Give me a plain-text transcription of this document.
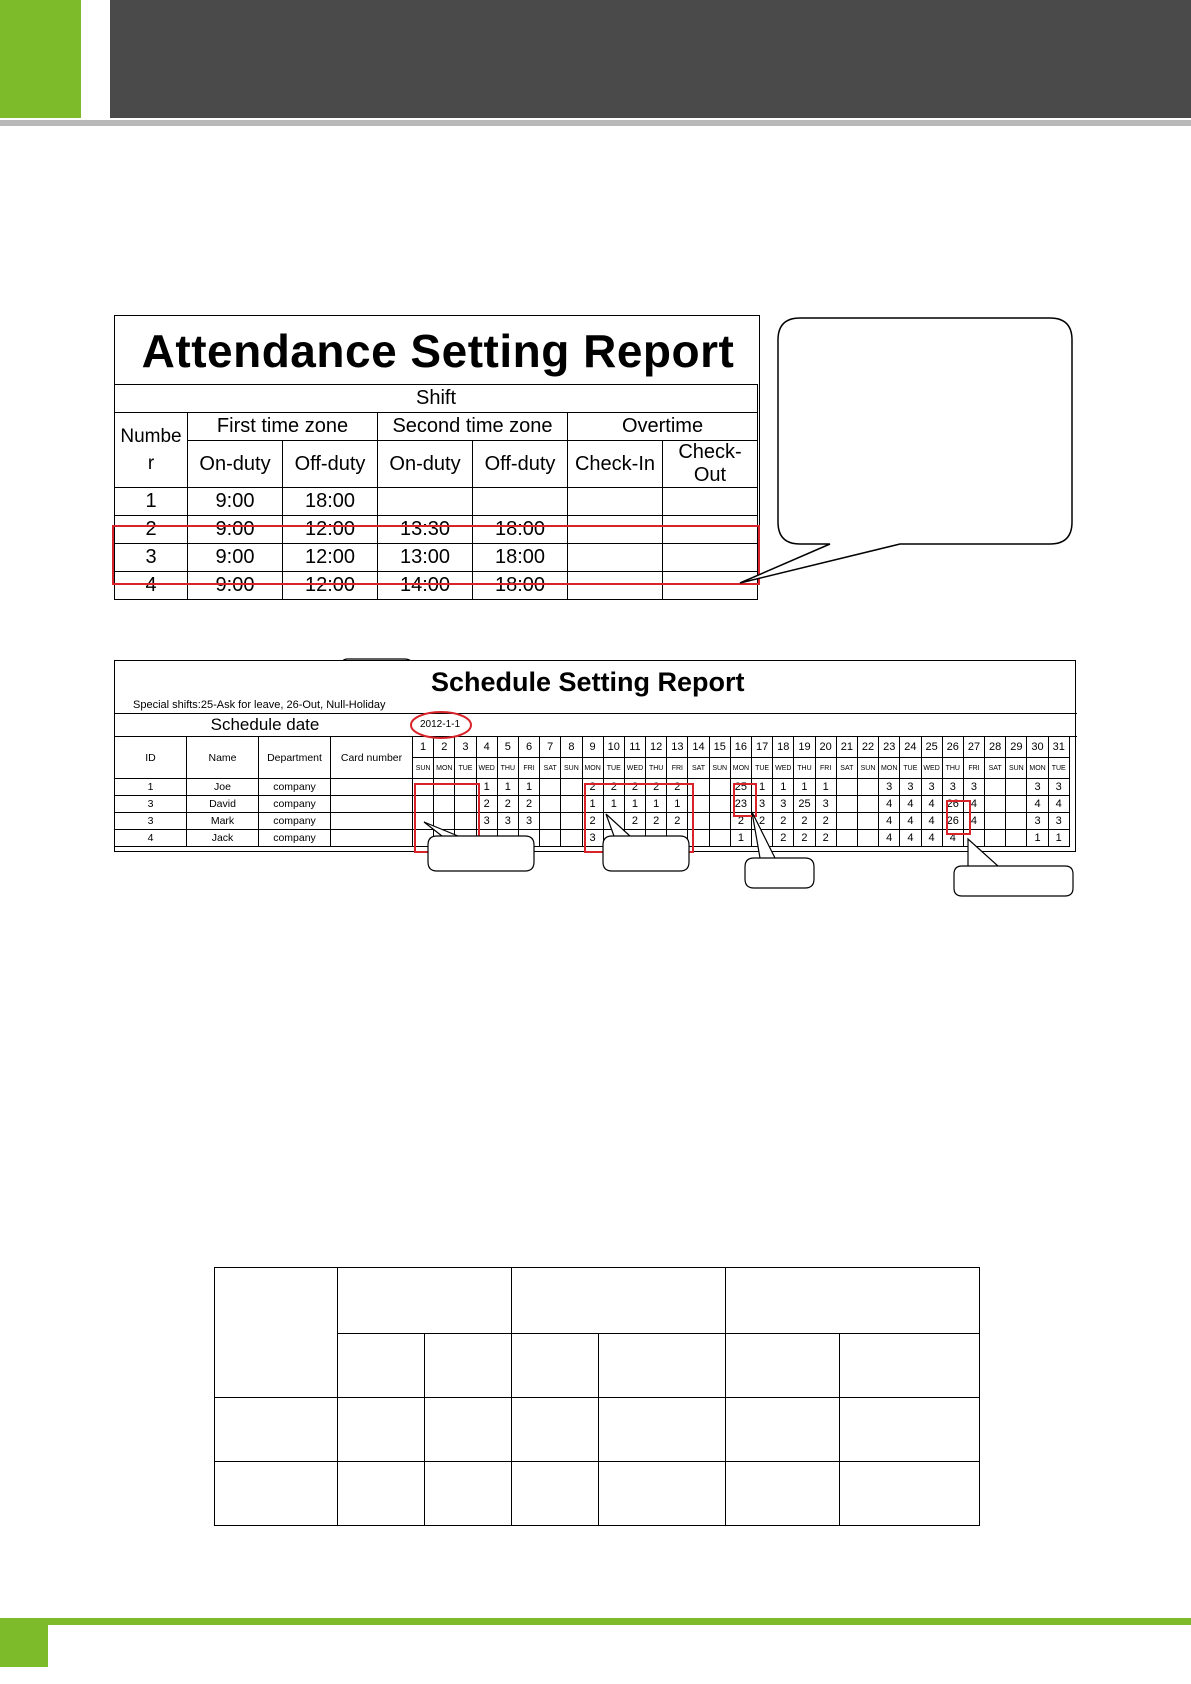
Attendance Setting Report
Shift						
Number	First time zone		Second time zone		Overtime	
	On-duty	Off-duty	On-duty	Off-duty	Check-In	Check-Out
1	9:00	18:00				
2	9:00	12:00	13:30	18:00		
3	9:00	12:00	13:00	18:00		
4	9:00	12:00	14:00	18:00		
Schedule Setting Report
Special shifts:25-Ask for leave, 26-Out, Null-Holiday
Schedule date	2012-1-1
ID	Name	Department	Card number	1	2	3	4	5	6	7	8	9	10	11	12	13	14	15	16	17	18	19	20	21	22	23	24	25	26	27	28	29	30	31
				SUN	MON	TUE	WED	THU	FRI	SAT	SUN	MON	TUE	WED	THU	FRI	SAT	SUN	MON	TUE	WED	THU	FRI	SAT	SUN	MON	TUE	WED	THU	FRI	SAT	SUN	MON	TUE
1	Joe	company					1	1	1			2	2	2	2	2			25	1	1	1	1			3	3	3	3	3			3	3
3	David	company					2	2	2			1	1	1	1	1			23	3	3	25	3			4	4	4	26	4			4	4
3	Mark	company					3	3	3			2		2	2	2			2	2	2	2	2			4	4	4	26	4			3	3
4	Jack	company										3							1		2	2	2			4	4	4	4				1	1
